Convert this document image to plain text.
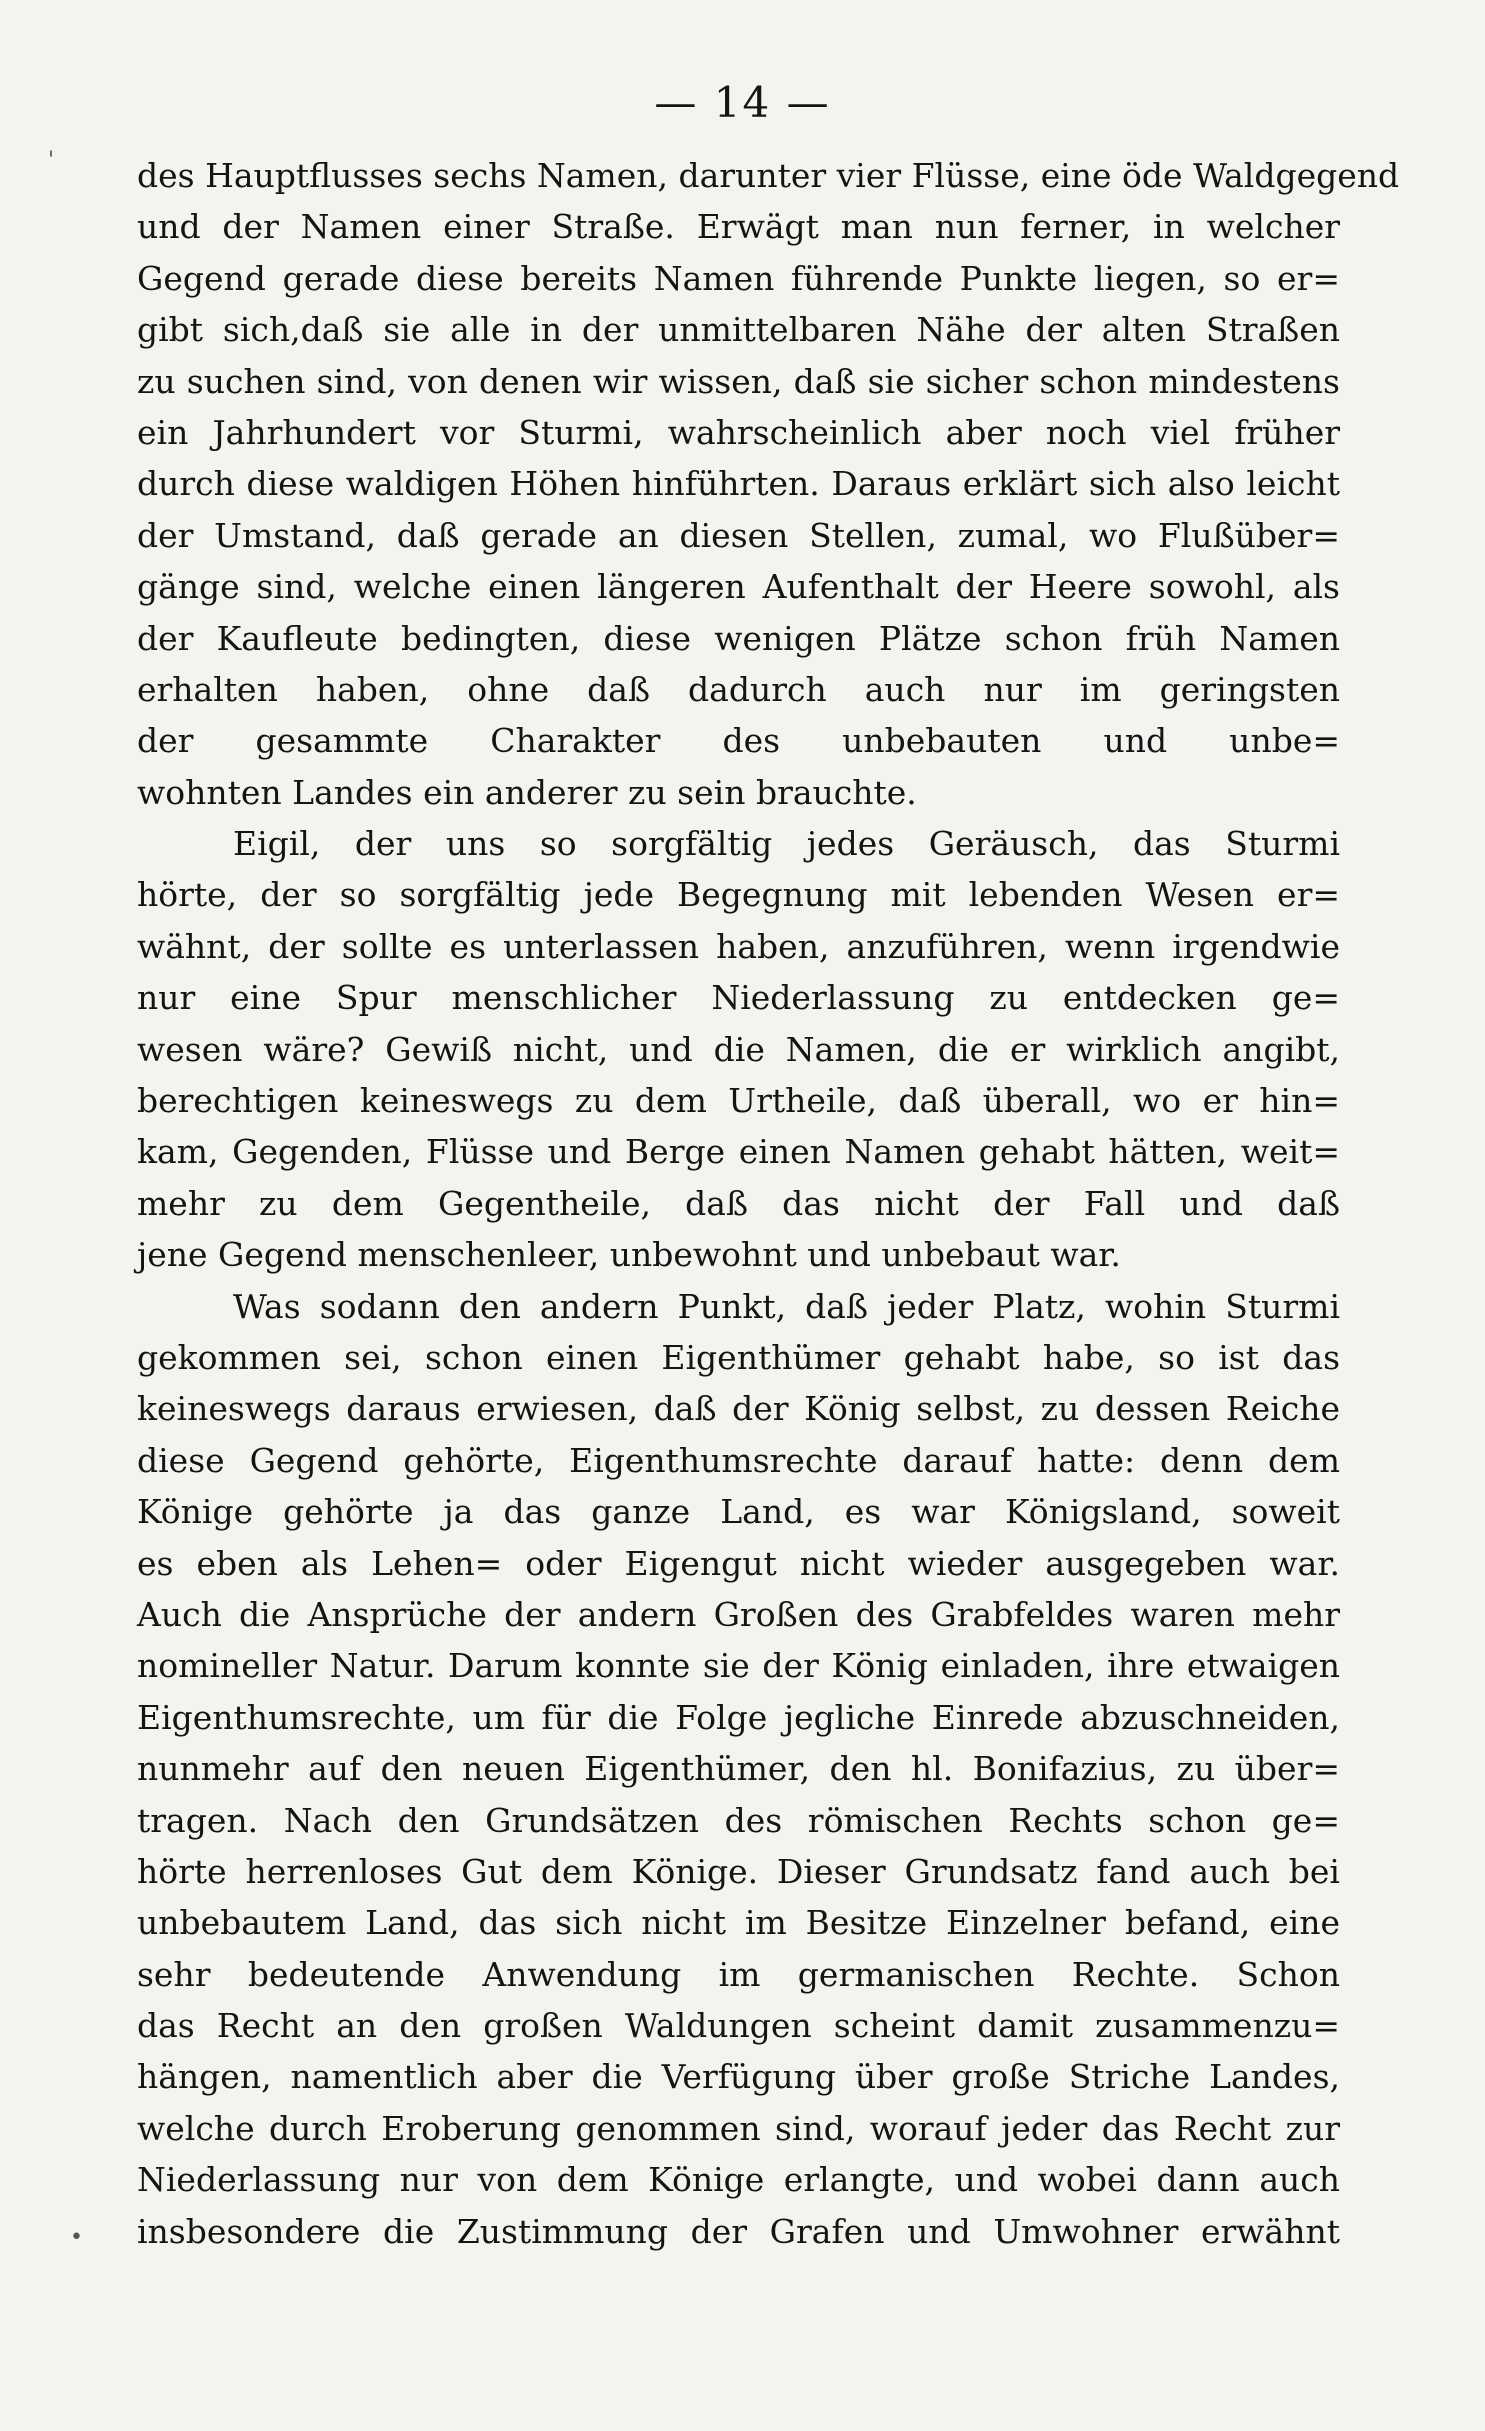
— 14 —
'
•
des Hauptflusses sechs Namen, darunter vier Flüsse, eine öde Waldgegend
und der Namen einer Straße. Erwägt man nun ferner, in welcher
Gegend gerade diese bereits Namen führende Punkte liegen, so er=
gibt sich,daß sie alle in der unmittelbaren Nähe der alten Straßen
zu suchen sind, von denen wir wissen, daß sie sicher schon mindestens
ein Jahrhundert vor Sturmi, wahrscheinlich aber noch viel früher
durch diese waldigen Höhen hinführten. Daraus erklärt sich also leicht
der Umstand, daß gerade an diesen Stellen, zumal, wo Flußüber=
gänge sind, welche einen längeren Aufenthalt der Heere sowohl, als
der Kaufleute bedingten, diese wenigen Plätze schon früh Namen
erhalten haben, ohne daß dadurch auch nur im geringsten
der gesammte Charakter des unbebauten und unbe=
wohnten Landes ein anderer zu sein brauchte.
Eigil, der uns so sorgfältig jedes Geräusch, das Sturmi
hörte, der so sorgfältig jede Begegnung mit lebenden Wesen er=
wähnt, der sollte es unterlassen haben, anzuführen, wenn irgendwie
nur eine Spur menschlicher Niederlassung zu entdecken ge=
wesen wäre? Gewiß nicht, und die Namen, die er wirklich angibt,
berechtigen keineswegs zu dem Urtheile, daß überall, wo er hin=
kam, Gegenden, Flüsse und Berge einen Namen gehabt hätten, weit=
mehr zu dem Gegentheile, daß das nicht der Fall und daß
jene Gegend menschenleer, unbewohnt und unbebaut war.
Was sodann den andern Punkt, daß jeder Platz, wohin Sturmi
gekommen sei, schon einen Eigenthümer gehabt habe, so ist das
keineswegs daraus erwiesen, daß der König selbst, zu dessen Reiche
diese Gegend gehörte, Eigenthumsrechte darauf hatte: denn dem
Könige gehörte ja das ganze Land, es war Königsland, soweit
es eben als Lehen= oder Eigengut nicht wieder ausgegeben war.
Auch die Ansprüche der andern Großen des Grabfeldes waren mehr
nomineller Natur. Darum konnte sie der König einladen, ihre etwaigen
Eigenthumsrechte, um für die Folge jegliche Einrede abzuschneiden,
nunmehr auf den neuen Eigenthümer, den hl. Bonifazius, zu über=
tragen. Nach den Grundsätzen des römischen Rechts schon ge=
hörte herrenloses Gut dem Könige. Dieser Grundsatz fand auch bei
unbebautem Land, das sich nicht im Besitze Einzelner befand, eine
sehr bedeutende Anwendung im germanischen Rechte. Schon
das Recht an den großen Waldungen scheint damit zusammenzu=
hängen, namentlich aber die Verfügung über große Striche Landes,
welche durch Eroberung genommen sind, worauf jeder das Recht zur
Niederlassung nur von dem Könige erlangte, und wobei dann auch
insbesondere die Zustimmung der Grafen und Umwohner erwähnt
